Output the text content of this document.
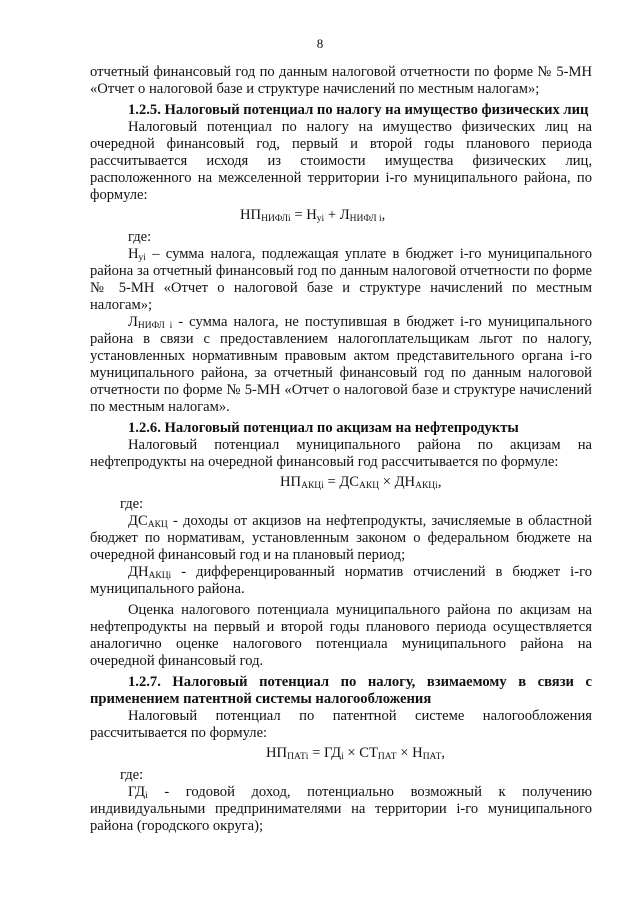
8

отчетный финансовый год по данным налоговой отчетности по форме № 5-МН «Отчет о налоговой базе и структуре начислений по местным налогам»;

1.2.5. Налоговый потенциал по налогу на имущество физических лиц

Налоговый потенциал по налогу на имущество физических лиц на очередной финансовый год, первый и второй годы планового периода рассчитывается исходя из стоимости имущества физических лиц, расположенного на межселенной территории i-го муниципального района, по формуле:

$НП_{НИФЛi} = Н_{уi} + Л_{НИФЛ i}$,

где:

$Н_{уi}$ – сумма налога, подлежащая уплате в бюджет i-го муниципального района за отчетный финансовый год по данным налоговой отчетности по форме № 5-МН «Отчет о налоговой базе и структуре начислений по местным налогам»;

$Л_{НИФЛ i}$ - сумма налога, не поступившая в бюджет i-го муниципального района в связи с предоставлением налогоплательщикам льгот по налогу, установленных нормативным правовым актом представительного органа i-го муниципального района, за отчетный финансовый год по данным налоговой отчетности по форме № 5-МН «Отчет о налоговой базе и структуре начислений по местным налогам».

1.2.6. Налоговый потенциал по акцизам на нефтепродукты

Налоговый потенциал муниципального района по акцизам на нефтепродукты на очередной финансовый год рассчитывается по формуле:

$НП_{АКЦi} = ДС_{АКЦ} \times ДН_{АКЦi}$,

где:

$ДС_{АКЦ}$ - доходы от акцизов на нефтепродукты, зачисляемые в областной бюджет по нормативам, установленным законом о федеральном бюджете на очередной финансовый год и на плановый период;

$ДН_{АКЦi}$ - дифференцированный норматив отчислений в бюджет i-го муниципального района.

Оценка налогового потенциала муниципального района по акцизам на нефтепродукты на первый и второй годы планового периода осуществляется аналогично оценке налогового потенциала муниципального района на очередной финансовый год.

1.2.7. Налоговый потенциал по налогу, взимаемому в связи с применением патентной системы налогообложения

Налоговый потенциал по патентной системе налогообложения рассчитывается по формуле:

$НП_{ПАТi} = ГД_i \times СТ_{ПАТ} \times Н_{ПАТ}$,

где:

$ГД_i$ - годовой доход, потенциально возможный к получению индивидуальными предпринимателями на территории i-го муниципального района (городского округа);
